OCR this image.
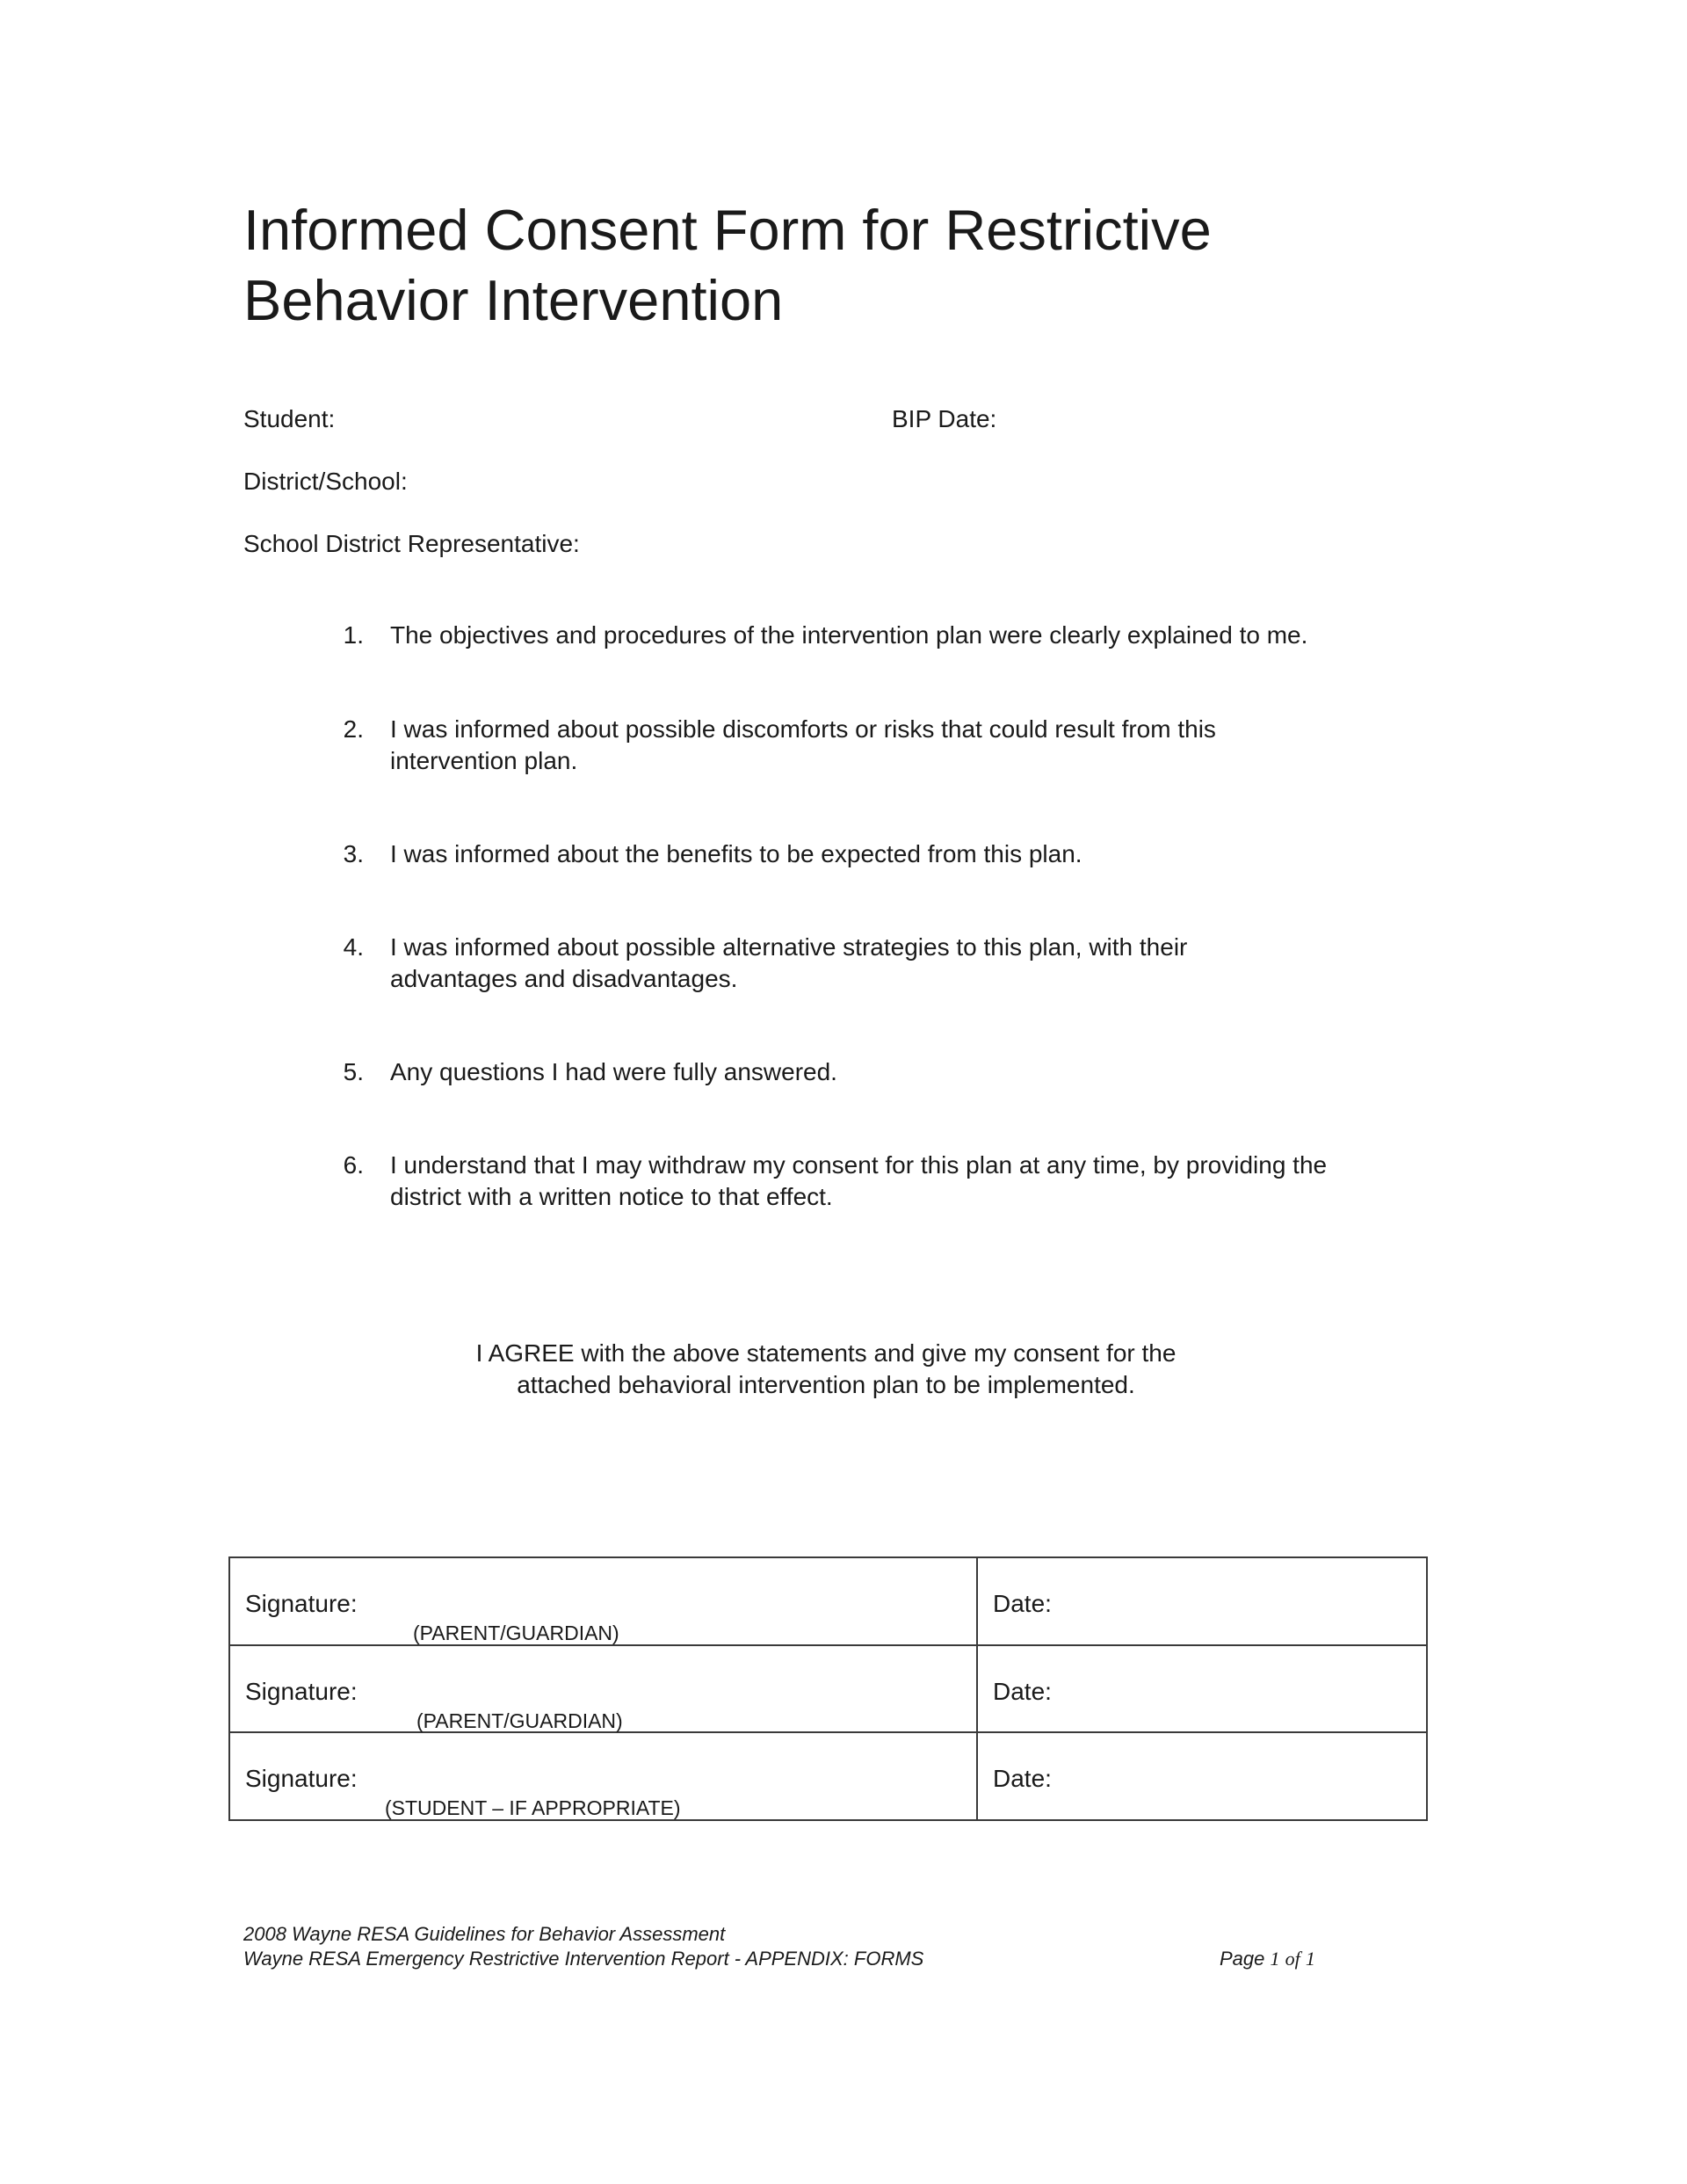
Informed Consent Form for Restrictive
Behavior Intervention
Student:	BIP Date:
District/School:
School District Representative:
1. The objectives and procedures of the intervention plan were clearly explained to me.
2. I was informed about possible discomforts or risks that could result from this intervention plan.
3. I was informed about the benefits to be expected from this plan.
4. I was informed about possible alternative strategies to this plan, with their advantages and disadvantages.
5. Any questions I had were fully answered.
6. I understand that I may withdraw my consent for this plan at any time, by providing the district with a written notice to that effect.
I AGREE with the above statements and give my consent for the
attached behavioral intervention plan to be implemented.
Signature:
(PARENT/GUARDIAN)	Date:

Signature:
(PARENT/GUARDIAN)	Date:

Signature:
(STUDENT – IF APPROPRIATE)	Date:
2008 Wayne RESA Guidelines for Behavior Assessment
Wayne RESA Emergency Restrictive Intervention Report - APPENDIX: FORMS	Page 1 of 1
